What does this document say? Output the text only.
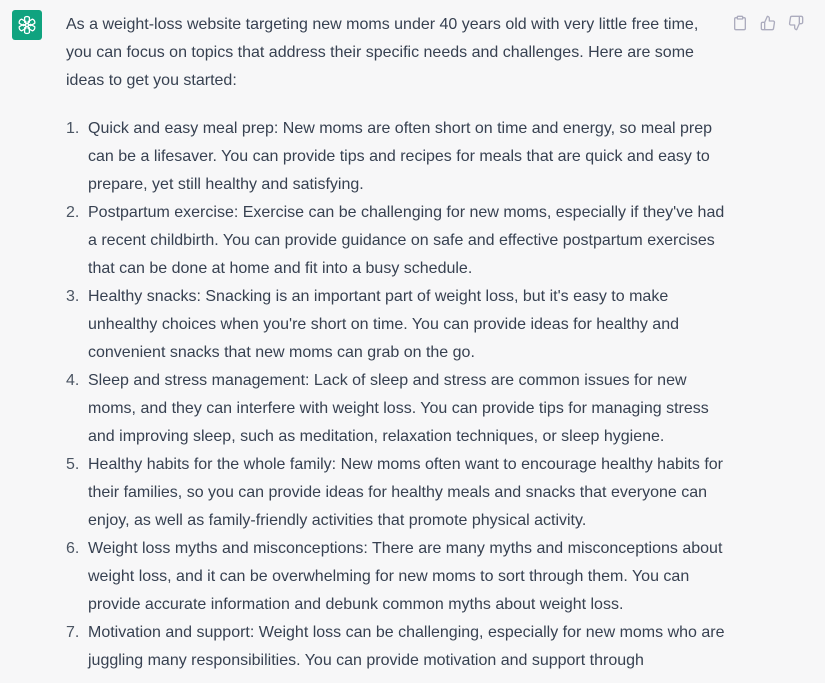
As a weight-loss website targeting new moms under 40 years old with very little free time, you can focus on topics that address their specific needs and challenges. Here are some ideas to get you started:

1. Quick and easy meal prep: New moms are often short on time and energy, so meal prep can be a lifesaver. You can provide tips and recipes for meals that are quick and easy to prepare, yet still healthy and satisfying.
2. Postpartum exercise: Exercise can be challenging for new moms, especially if they've had a recent childbirth. You can provide guidance on safe and effective postpartum exercises that can be done at home and fit into a busy schedule.
3. Healthy snacks: Snacking is an important part of weight loss, but it's easy to make unhealthy choices when you're short on time. You can provide ideas for healthy and convenient snacks that new moms can grab on the go.
4. Sleep and stress management: Lack of sleep and stress are common issues for new moms, and they can interfere with weight loss. You can provide tips for managing stress and improving sleep, such as meditation, relaxation techniques, or sleep hygiene.
5. Healthy habits for the whole family: New moms often want to encourage healthy habits for their families, so you can provide ideas for healthy meals and snacks that everyone can enjoy, as well as family-friendly activities that promote physical activity.
6. Weight loss myths and misconceptions: There are many myths and misconceptions about weight loss, and it can be overwhelming for new moms to sort through them. You can provide accurate information and debunk common myths about weight loss.
7. Motivation and support: Weight loss can be challenging, especially for new moms who are juggling many responsibilities. You can provide motivation and support through
